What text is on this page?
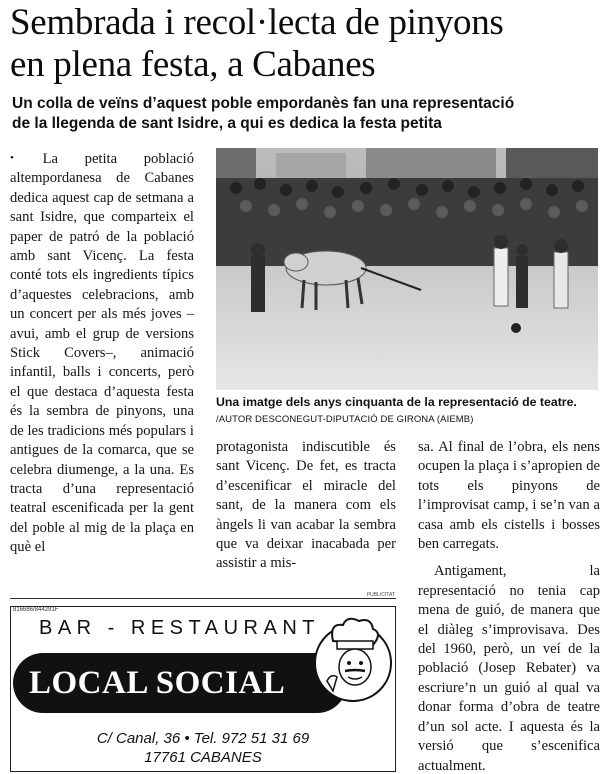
Sembrada i recol·lecta de pinyons
en plena festa, a Cabanes
Un colla de veïns d’aquest poble empordanès fan una representació
de la llegenda de sant Isidre, a qui es dedica la festa petita

• La petita població altempordanesa de Cabanes dedica aquest cap de setmana a sant Isidre, que comparteix el paper de patró de la població amb sant Vicenç. La festa conté tots els ingredients típics d’aquestes celebracions, amb un concert per als més joves –avui, amb el grup de versions Stick Covers–, animació infantil, balls i concerts, però el que destaca d’aquesta festa és la sembra de pinyons, una de les tradicions més populars i antigues de la comarca, que se celebra diumenge, a la una. Es tracta d’una representació teatral escenificada per la gent del poble al mig de la plaça en què el

Una imatge dels anys cinquanta de la representació de teatre. /AUTOR DESCONEGUT-DIPUTACIÓ DE GIRONA (AIEMB)

protagonista indiscutible és sant Vicenç. De fet, es tracta d’escenificar el miracle del sant, de la manera com els àngels li van acabar la sembra que va deixar inacabada per assistir a mis-

sa. Al final de l’obra, els nens ocupen la plaça i s’apropien de tots els pinyons de l’improvisat camp, i se’n van a casa amb els cistells i bosses ben carregats.

Antigament, la representació no tenia cap mena de guió, de manera que el diàleg s’improvisava. Des del 1960, però, un veí de la població (Josep Rebater) va escriure’n un guió al qual va donar forma d’obra de teatre d’un sol acte. I aquesta és la versió que s’escenifica actualment.

PUBLICITAT
816686/844291F
BAR - RESTAURANT
LOCAL SOCIAL
C/ Canal, 36 • Tel. 972 51 31 69
17761 CABANES
